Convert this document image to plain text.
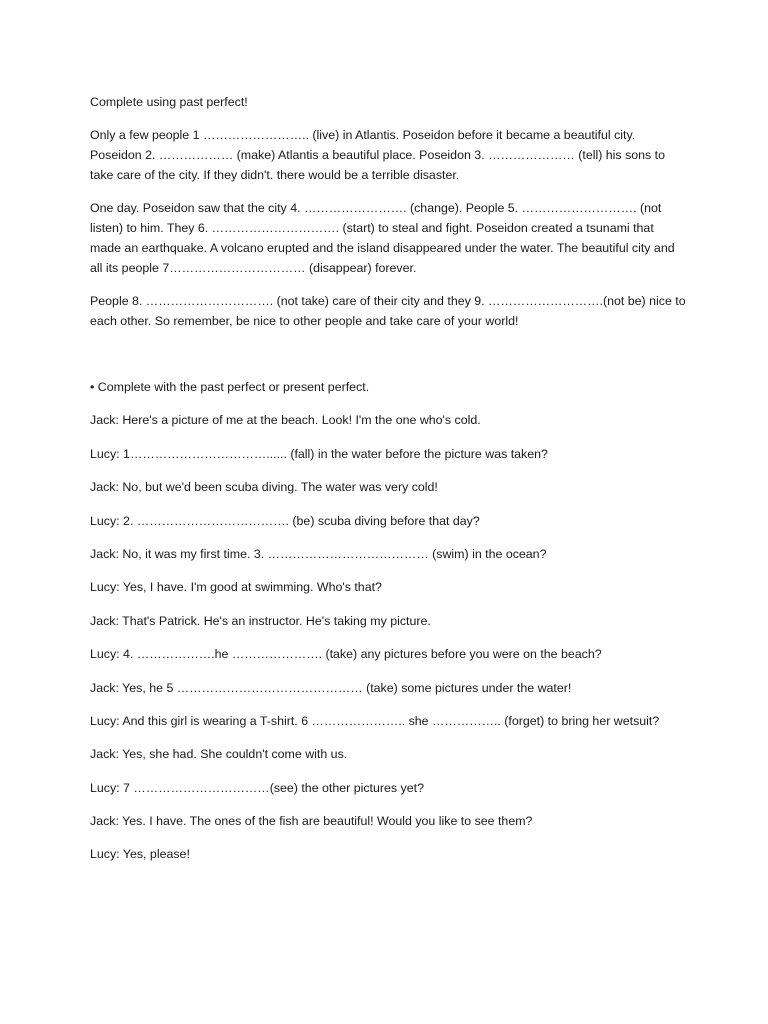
Complete using past perfect!

Only a few people 1 …………………….. (live) in Atlantis. Poseidon before it became a beautiful city. Poseidon 2. ……………… (make) Atlantis a beautiful place. Poseidon 3. ………………… (tell) his sons to take care of the city. If they didn't. there would be a terrible disaster.

One day. Poseidon saw that the city 4. ……………………. (change). People 5. ………………………. (not listen) to him. They 6. …………………………. (start) to steal and fight. Poseidon created a tsunami that made an earthquake. A volcano erupted and the island disappeared under the water. The beautiful city and all its people 7…………………………… (disappear) forever.

People 8. …………………………. (not take) care of their city and they 9. ……………………….(not be) nice to each other. So remember, be nice to other people and take care of your world!

• Complete with the past perfect or present perfect.

Jack: Here's a picture of me at the beach. Look! I'm the one who's cold.

Lucy: 1……………………………...... (fall) in the water before the picture was taken?

Jack: No, but we'd been scuba diving. The water was very cold!

Lucy: 2. ………………………………. (be) scuba diving before that day?

Jack: No, it was my first time. 3. ………………………………… (swim) in the ocean?

Lucy: Yes, I have. I'm good at swimming. Who's that?

Jack: That's Patrick. He's an instructor. He's taking my picture.

Lucy: 4. ……………….he …………………. (take) any pictures before you were on the beach?

Jack: Yes, he 5 ……………………………………… (take) some pictures under the water!

Lucy: And this girl is wearing a T-shirt. 6 ………………….. she …………….. (forget) to bring her wetsuit?

Jack: Yes, she had. She couldn't come with us.

Lucy: 7 ……………………………(see) the other pictures yet?

Jack: Yes. I have. The ones of the fish are beautiful! Would you like to see them?

Lucy: Yes, please!
